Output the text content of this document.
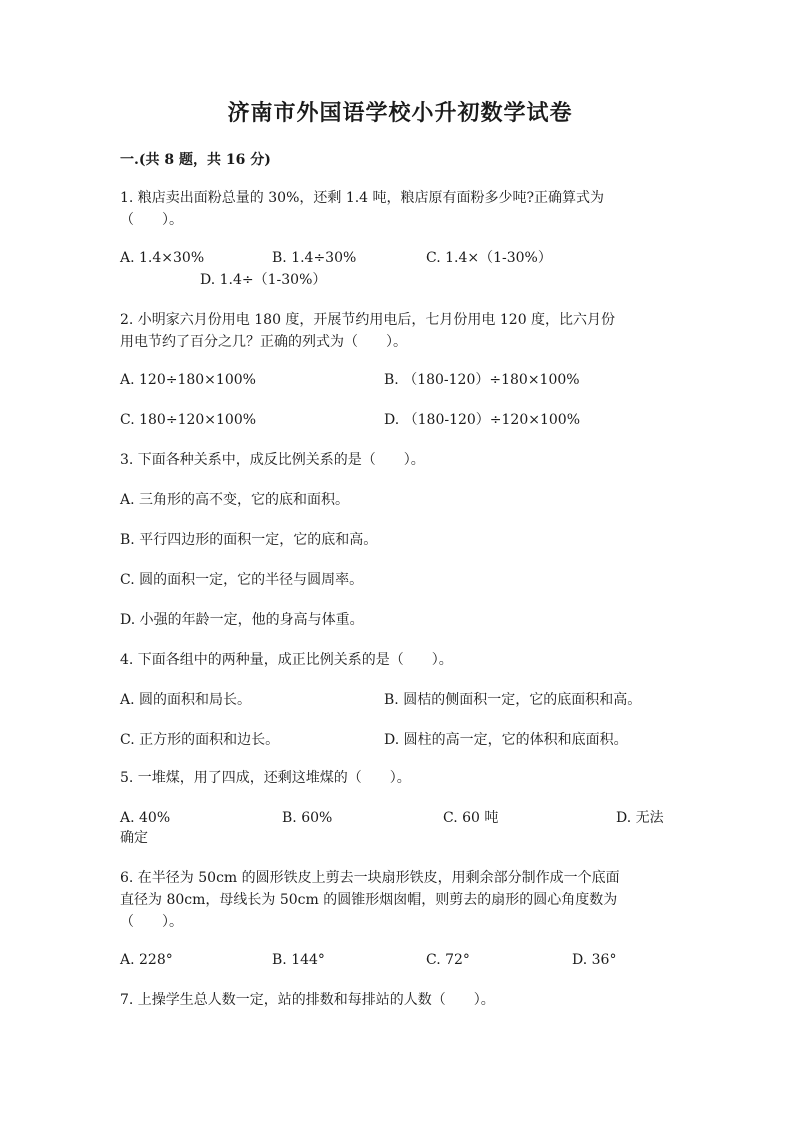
济南市外国语学校小升初数学试卷
一.(共 8 题，共 16 分)
1. 粮店卖出面粉总量的 30%，还剩 1.4 吨，粮店原有面粉多少吨?正确算式为
（　　）。
A. 1.4×30%	B. 1.4÷30%	C. 1.4×（1-30%）
D. 1.4÷（1-30%）
2. 小明家六月份用电 180 度，开展节约用电后，七月份用电 120 度，比六月份
用电节约了百分之几？正确的列式为（　　）。
A. 120÷180×100%	B. （180-120）÷180×100%
C. 180÷120×100%	D. （180-120）÷120×100%
3. 下面各种关系中，成反比例关系的是（　　）。
A. 三角形的高不变，它的底和面积。
B. 平行四边形的面积一定，它的底和高。
C. 圆的面积一定，它的半径与圆周率。
D. 小强的年龄一定，他的身高与体重。
4. 下面各组中的两种量，成正比例关系的是（　　）。
A. 圆的面积和局长。	B. 圆桔的侧面积一定，它的底面积和高。
C. 正方形的面积和边长。	D. 圆柱的高一定，它的体积和底面积。
5. 一堆煤，用了四成，还剩这堆煤的（　　）。
A. 40%	B. 60%	C. 60 吨	D. 无法
确定
6. 在半径为 50cm 的圆形铁皮上剪去一块扇形铁皮，用剩余部分制作成一个底面
直径为 80cm，母线长为 50cm 的圆锥形烟囱帽，则剪去的扇形的圆心角度数为
（　　）。
A. 228°	B. 144°	C. 72°	D. 36°
7. 上操学生总人数一定，站的排数和每排站的人数（　　）。
